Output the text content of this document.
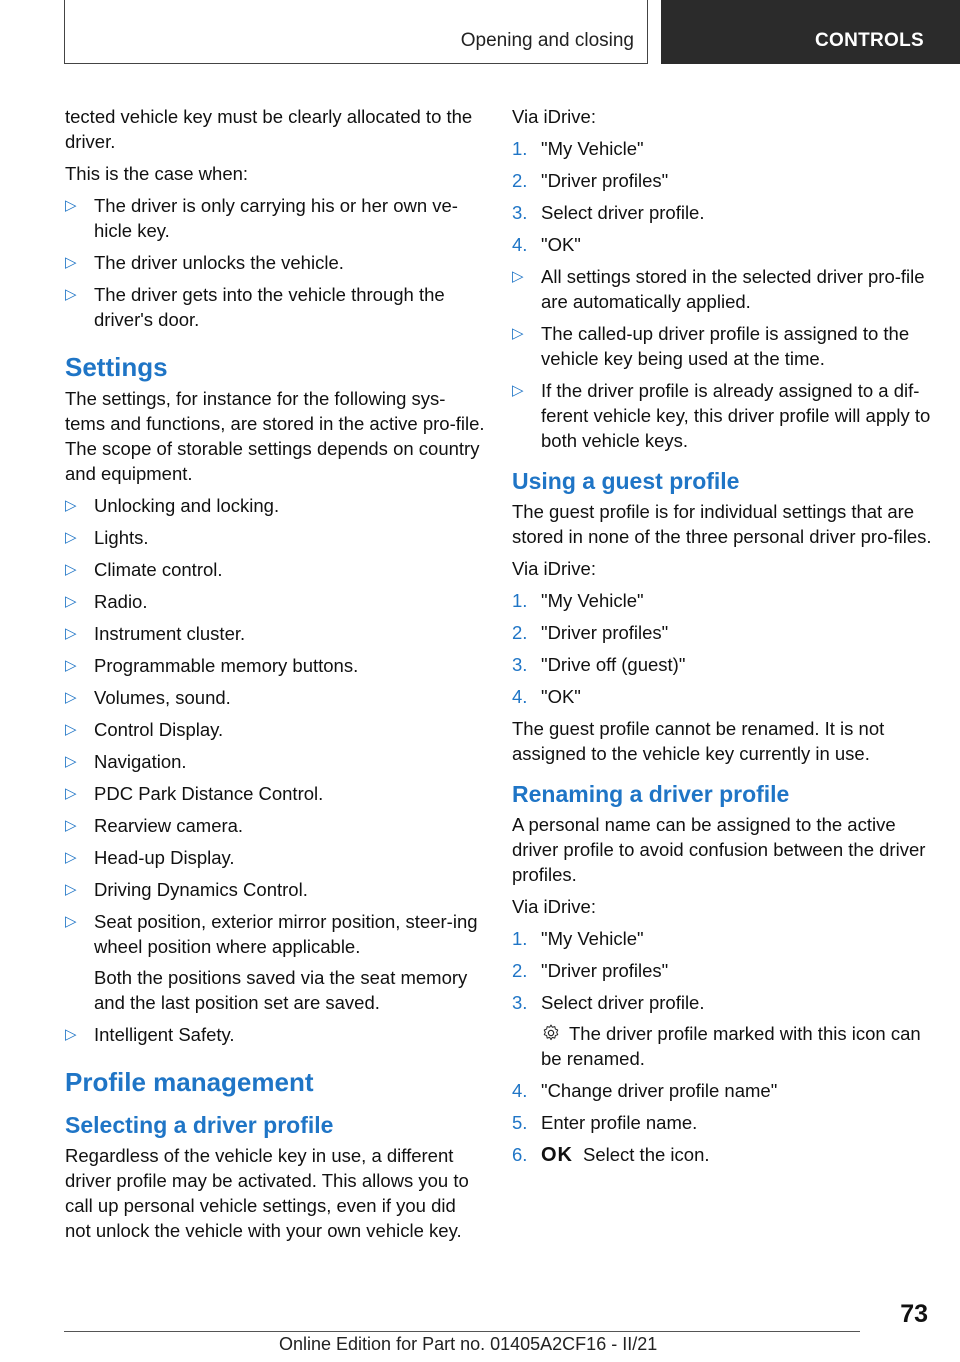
Opening and closing	CONTROLS

tected vehicle key must be clearly allocated to the driver.

This is the case when:

▷ The driver is only carrying his or her own ve-hicle key.
▷ The driver unlocks the vehicle.
▷ The driver gets into the vehicle through the driver's door.
Settings

The settings, for instance for the following sys-tems and functions, are stored in the active pro-file. The scope of storable settings depends on country and equipment.

▷ Unlocking and locking.
▷ Lights.
▷ Climate control.
▷ Radio.
▷ Instrument cluster.
▷ Programmable memory buttons.
▷ Volumes, sound.
▷ Control Display.
▷ Navigation.
▷ PDC Park Distance Control.
▷ Rearview camera.
▷ Head-up Display.
▷ Driving Dynamics Control.
▷ Seat position, exterior mirror position, steer-ing wheel position where applicable.
Both the positions saved via the seat memory and the last position set are saved.
▷ Intelligent Safety.
Profile management
Selecting a driver profile

Regardless of the vehicle key in use, a different driver profile may be activated. This allows you to call up personal vehicle settings, even if you did not unlock the vehicle with your own vehicle key.

Via iDrive:

1. "My Vehicle"
2. "Driver profiles"
3. Select driver profile.
4. "OK"
▷ All settings stored in the selected driver pro-file are automatically applied.
▷ The called-up driver profile is assigned to the vehicle key being used at the time.
▷ If the driver profile is already assigned to a dif-ferent vehicle key, this driver profile will apply to both vehicle keys.
Using a guest profile

The guest profile is for individual settings that are stored in none of the three personal driver pro-files.

Via iDrive:

1. "My Vehicle"
2. "Driver profiles"
3. "Drive off (guest)"
4. "OK"

The guest profile cannot be renamed. It is not assigned to the vehicle key currently in use.

Renaming a driver profile

A personal name can be assigned to the active driver profile to avoid confusion between the driver profiles.

Via iDrive:

1. "My Vehicle"
2. "Driver profiles"
3. Select driver profile.
The driver profile marked with this icon can be renamed.
4. "Change driver profile name"
5. Enter profile name.
6. OK Select the icon.
73
Online Edition for Part no. 01405A2CF16 - II/21
